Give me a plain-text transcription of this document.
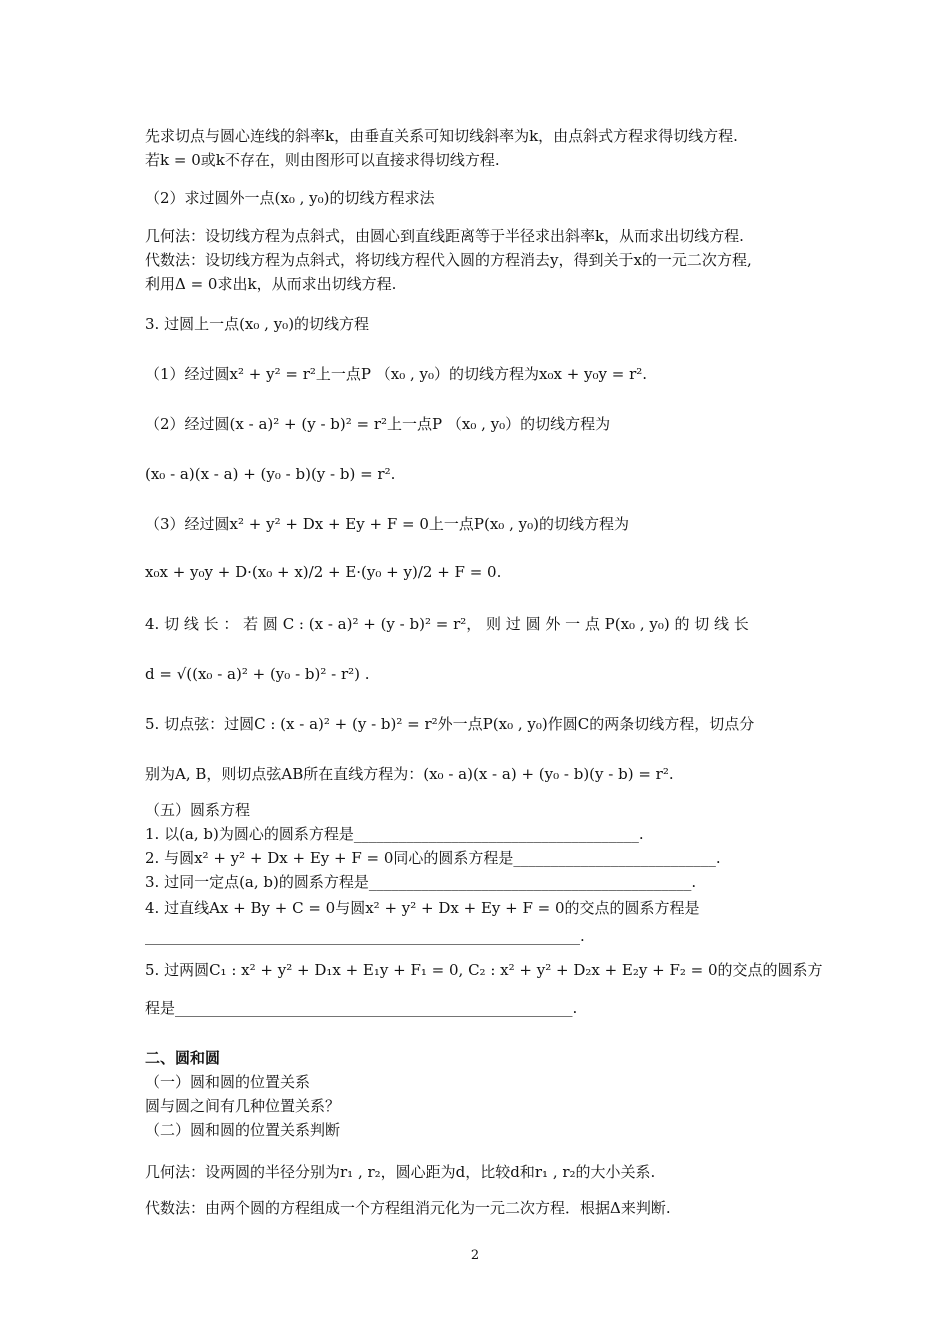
先求切点与圆心连线的斜率k，由垂直关系可知切线斜率为k，由点斜式方程求得切线方程.
若k = 0或k不存在，则由图形可以直接求得切线方程.
（2）求过圆外一点(x₀ , y₀)的切线方程求法
几何法：设切线方程为点斜式，由圆心到直线距离等于半径求出斜率k，从而求出切线方程.
代数法：设切线方程为点斜式，将切线方程代入圆的方程消去y，得到关于x的一元二次方程,
利用Δ = 0求出k，从而求出切线方程.
3. 过圆上一点(x₀ , y₀)的切线方程
（1）经过圆x² + y² = r²上一点P （x₀ , y₀）的切线方程为x₀x + y₀y = r².
（2）经过圆(x - a)² + (y - b)² = r²上一点P （x₀ , y₀）的切线方程为
(x₀ - a)(x - a) + (y₀ - b)(y - b) = r².
（3）经过圆x² + y² + Dx + Ey + F = 0上一点P(x₀ , y₀)的切线方程为
x₀x + y₀y + D·(x₀ + x)/2 + E·(y₀ + y)/2 + F = 0.
4. 切 线 长 ： 若 圆 C : (x - a)² + (y - b)² = r²， 则 过 圆 外 一 点 P(x₀ , y₀) 的 切 线 长
d = √((x₀ - a)² + (y₀ - b)² - r²) .
5. 切点弦：过圆C : (x - a)² + (y - b)² = r²外一点P(x₀ , y₀)作圆C的两条切线方程，切点分
别为A, B，则切点弦AB所在直线方程为：(x₀ - a)(x - a) + (y₀ - b)(y - b) = r².
（五）圆系方程
1. 以(a, b)为圆心的圆系方程是______________________________________.
2. 与圆x² + y² + Dx + Ey + F = 0同心的圆系方程是___________________________.
3. 过同一定点(a, b)的圆系方程是___________________________________________.
4. 过直线Ax + By + C = 0与圆x² + y² + Dx + Ey + F = 0的交点的圆系方程是
__________________________________________________________.
5. 过两圆C₁ : x² + y² + D₁x + E₁y + F₁ = 0, C₂ : x² + y² + D₂x + E₂y + F₂ = 0的交点的圆系方
程是_____________________________________________________.
二、圆和圆
（一）圆和圆的位置关系
圆与圆之间有几种位置关系？
（二）圆和圆的位置关系判断
几何法：设两圆的半径分别为r₁ , r₂，圆心距为d，比较d和r₁ , r₂的大小关系.
代数法：由两个圆的方程组成一个方程组消元化为一元二次方程．根据Δ来判断.
2
